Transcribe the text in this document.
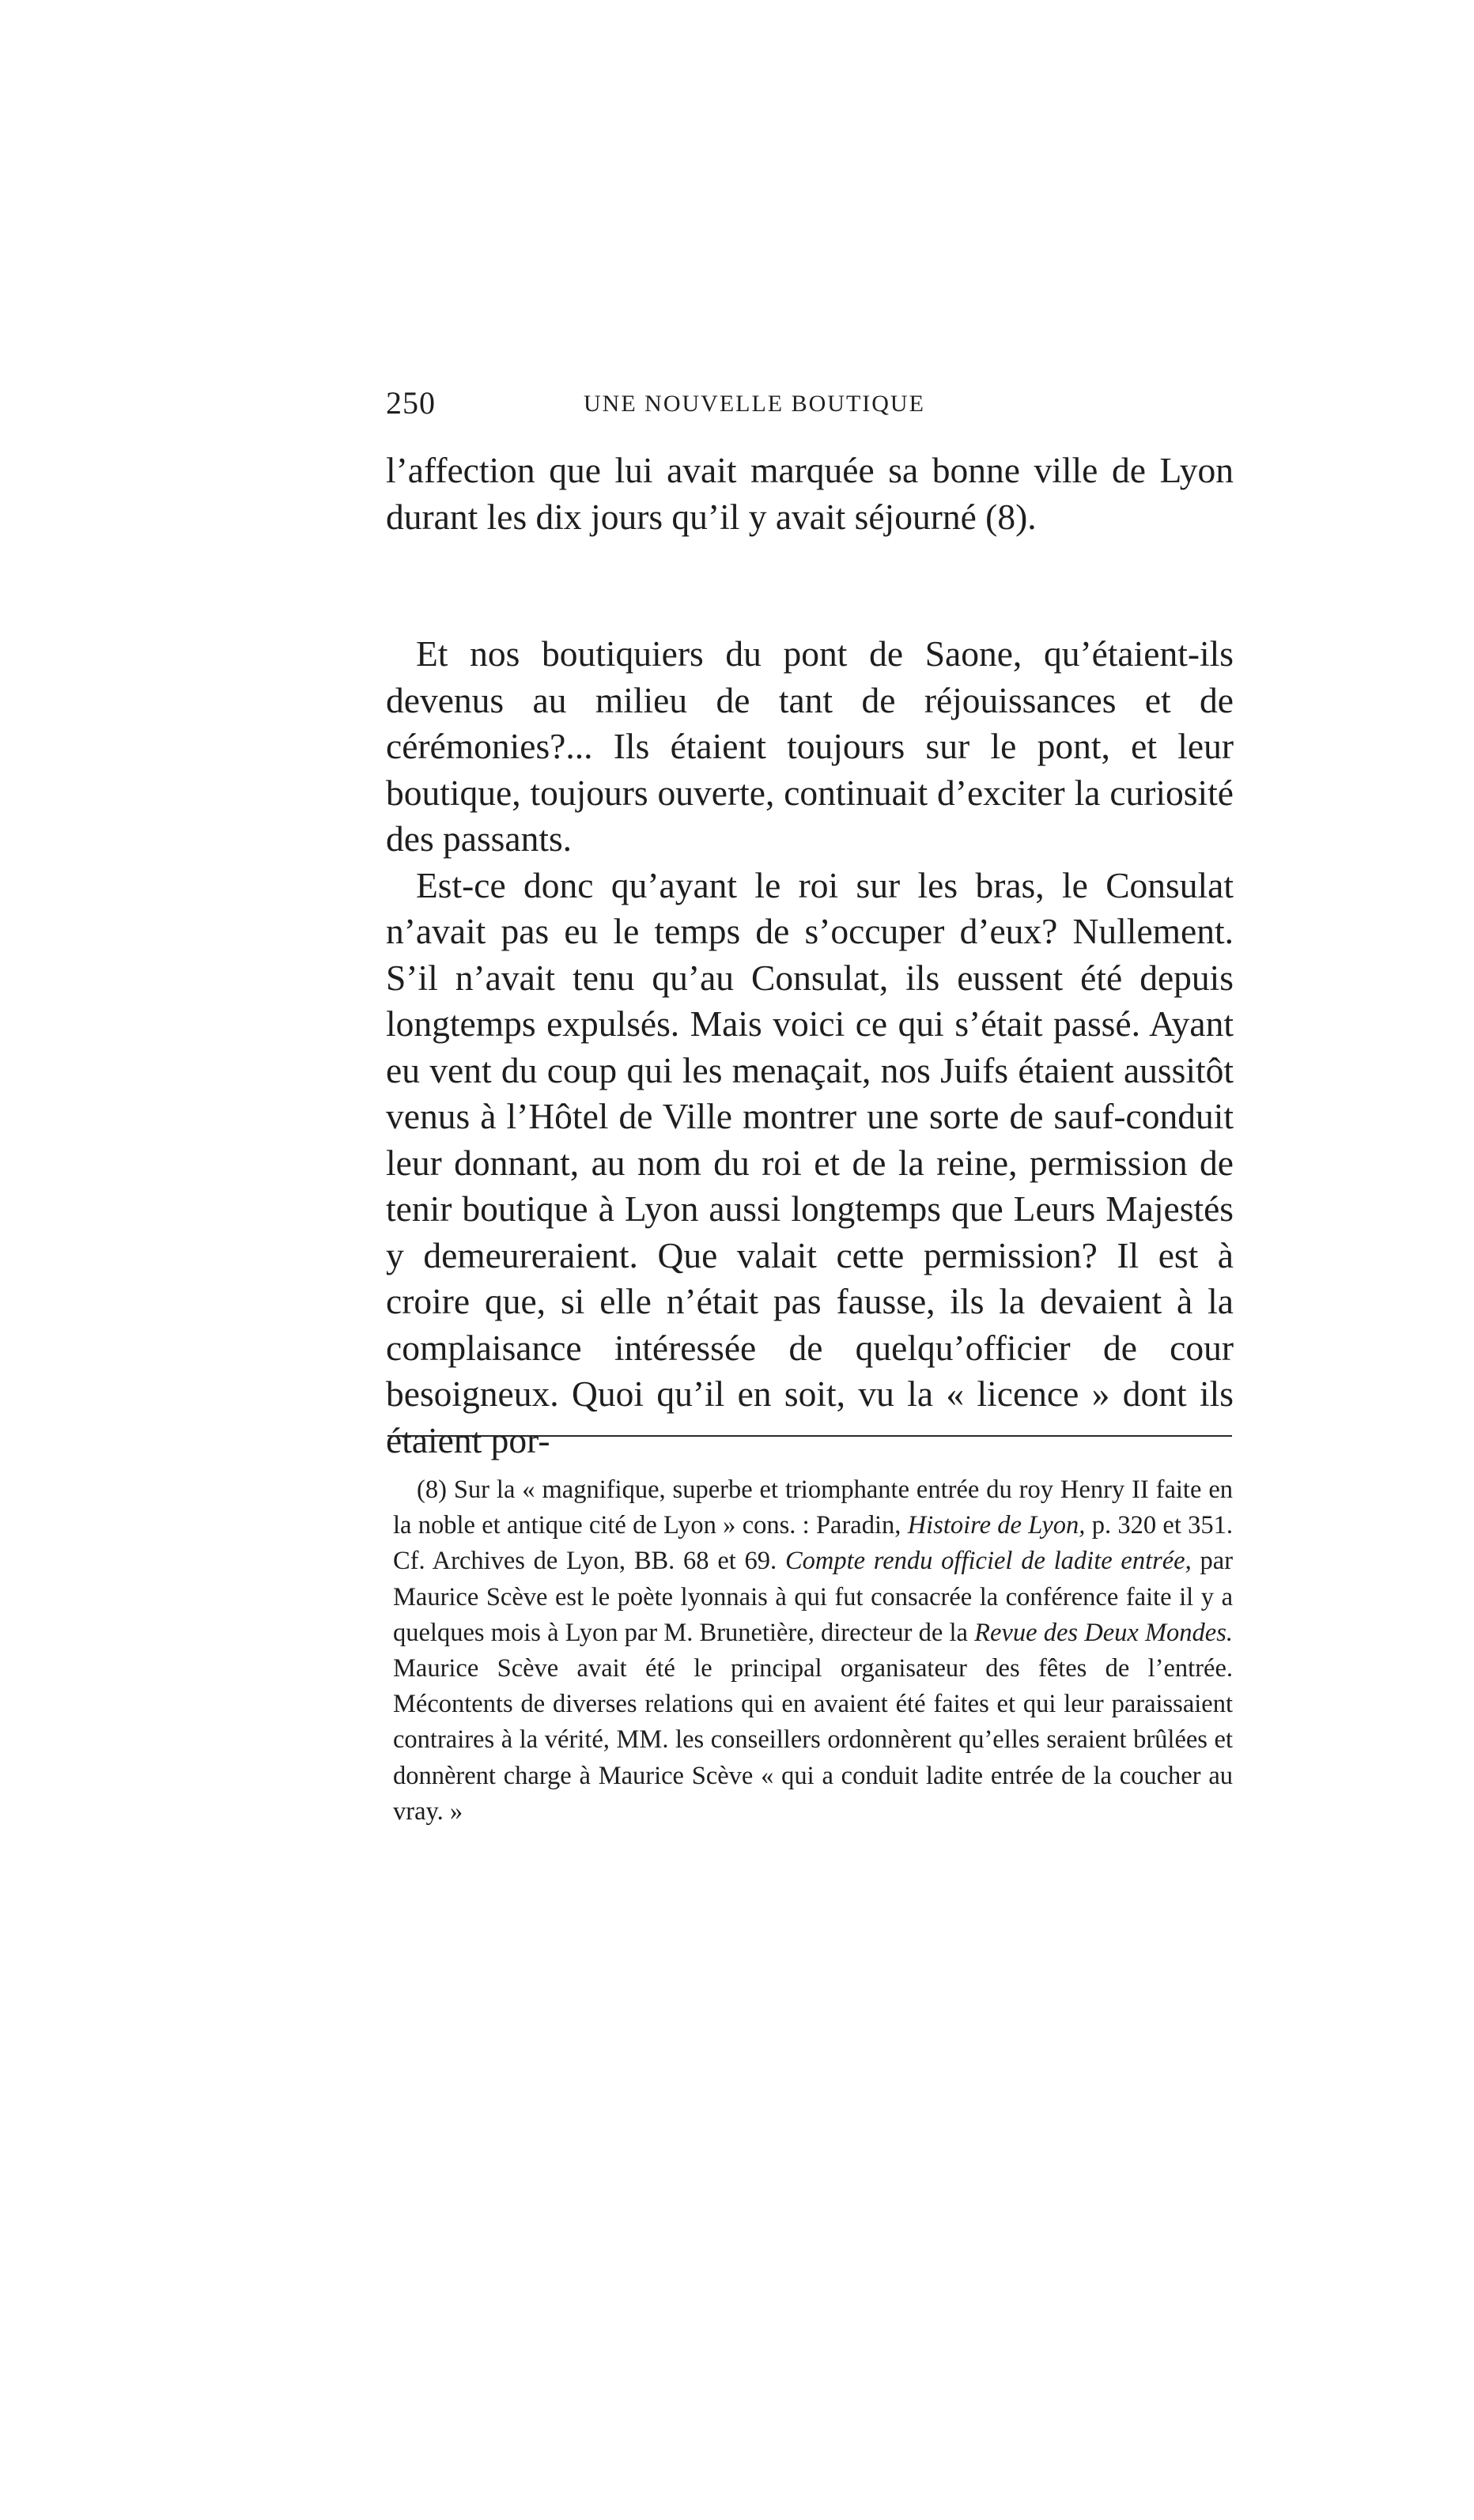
250	UNE NOUVELLE BOUTIQUE

l’affection que lui avait marquée sa bonne ville de Lyon durant les dix jours qu’il y avait séjourné (8).

Et nos boutiquiers du pont de Saone, qu’étaient-ils devenus au milieu de tant de réjouissances et de cérémonies?... Ils étaient toujours sur le pont, et leur boutique, toujours ouverte, continuait d’exciter la curiosité des passants.

Est-ce donc qu’ayant le roi sur les bras, le Consulat n’avait pas eu le temps de s’occuper d’eux? Nullement. S’il n’avait tenu qu’au Consulat, ils eussent été depuis longtemps expulsés. Mais voici ce qui s’était passé. Ayant eu vent du coup qui les menaçait, nos Juifs étaient aussitôt venus à l’Hôtel de Ville montrer une sorte de sauf-conduit leur donnant, au nom du roi et de la reine, permission de tenir boutique à Lyon aussi longtemps que Leurs Majestés y demeureraient. Que valait cette permission? Il est à croire que, si elle n’était pas fausse, ils la devaient à la complaisance intéressée de quelqu’officier de cour besoigneux. Quoi qu’il en soit, vu la « licence » dont ils étaient por-

(8) Sur la « magnifique, superbe et triomphante entrée du roy Henry II faite en la noble et antique cité de Lyon » cons. : Paradin, Histoire de Lyon, p. 320 et 351. Cf. Archives de Lyon, BB. 68 et 69. Compte rendu officiel de ladite entrée, par Maurice Scève est le poète lyonnais à qui fut consacrée la conférence faite il y a quelques mois à Lyon par M. Brunetière, directeur de la Revue des Deux Mondes. Maurice Scève avait été le principal organisateur des fêtes de l’entrée. Mécontents de diverses relations qui en avaient été faites et qui leur paraissaient contraires à la vérité, MM. les conseillers ordonnèrent qu’elles seraient brûlées et donnèrent charge à Maurice Scève « qui a conduit ladite entrée de la coucher au vray. »
